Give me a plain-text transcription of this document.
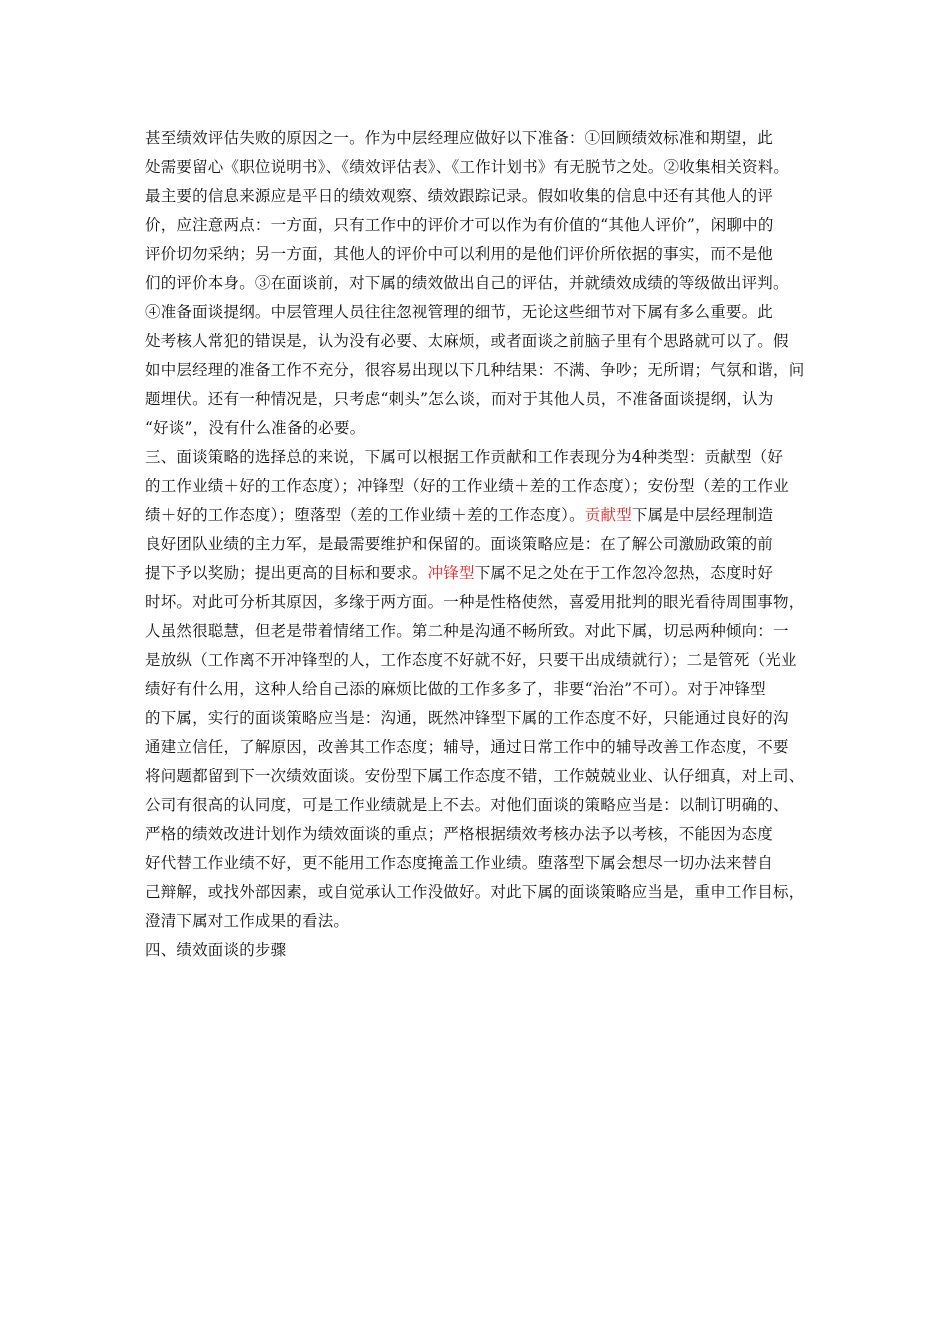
甚至绩效评估失败的原因之一。作为中层经理应做好以下准备：①回顾绩效标准和期望，此
处需要留心《职位说明书》、《绩效评估表》、《工作计划书》有无脱节之处。②收集相关资料。
最主要的信息来源应是平日的绩效观察、绩效跟踪记录。假如收集的信息中还有其他人的评
价，应注意两点：一方面，只有工作中的评价才可以作为有价值的“其他人评价”，闲聊中的
评价切勿采纳；另一方面，其他人的评价中可以利用的是他们评价所依据的事实，而不是他
们的评价本身。③在面谈前，对下属的绩效做出自己的评估，并就绩效成绩的等级做出评判。
④准备面谈提纲。中层管理人员往往忽视管理的细节，无论这些细节对下属有多么重要。此
处考核人常犯的错误是，认为没有必要、太麻烦，或者面谈之前脑子里有个思路就可以了。假
如中层经理的准备工作不充分，很容易出现以下几种结果：不满、争吵；无所谓；气氛和谐，问
题埋伏。还有一种情况是，只考虑“刺头”怎么谈，而对于其他人员，不准备面谈提纲，认为
“好谈”，没有什么准备的必要。
三、面谈策略的选择总的来说，下属可以根据工作贡献和工作表现分为4种类型：贡献型（好
的工作业绩＋好的工作态度）；冲锋型（好的工作业绩＋差的工作态度）；安份型（差的工作业
绩＋好的工作态度）；堕落型（差的工作业绩＋差的工作态度）。贡献型下属是中层经理制造
良好团队业绩的主力军，是最需要维护和保留的。面谈策略应是：在了解公司激励政策的前
提下予以奖励；提出更高的目标和要求。冲锋型下属不足之处在于工作忽冷忽热，态度时好
时坏。对此可分析其原因，多缘于两方面。一种是性格使然，喜爱用批判的眼光看待周围事物，
人虽然很聪慧，但老是带着情绪工作。第二种是沟通不畅所致。对此下属，切忌两种倾向：一
是放纵（工作离不开冲锋型的人，工作态度不好就不好，只要干出成绩就行）；二是管死（光业
绩好有什么用，这种人给自己添的麻烦比做的工作多多了，非要“治治”不可）。对于冲锋型
的下属，实行的面谈策略应当是：沟通，既然冲锋型下属的工作态度不好，只能通过良好的沟
通建立信任，了解原因，改善其工作态度；辅导，通过日常工作中的辅导改善工作态度，不要
将问题都留到下一次绩效面谈。安份型下属工作态度不错，工作兢兢业业、认仔细真，对上司、
公司有很高的认同度，可是工作业绩就是上不去。对他们面谈的策略应当是：以制订明确的、
严格的绩效改进计划作为绩效面谈的重点；严格根据绩效考核办法予以考核，不能因为态度
好代替工作业绩不好，更不能用工作态度掩盖工作业绩。堕落型下属会想尽一切办法来替自
己辩解，或找外部因素，或自觉承认工作没做好。对此下属的面谈策略应当是，重申工作目标，
澄清下属对工作成果的看法。
四、绩效面谈的步骤
